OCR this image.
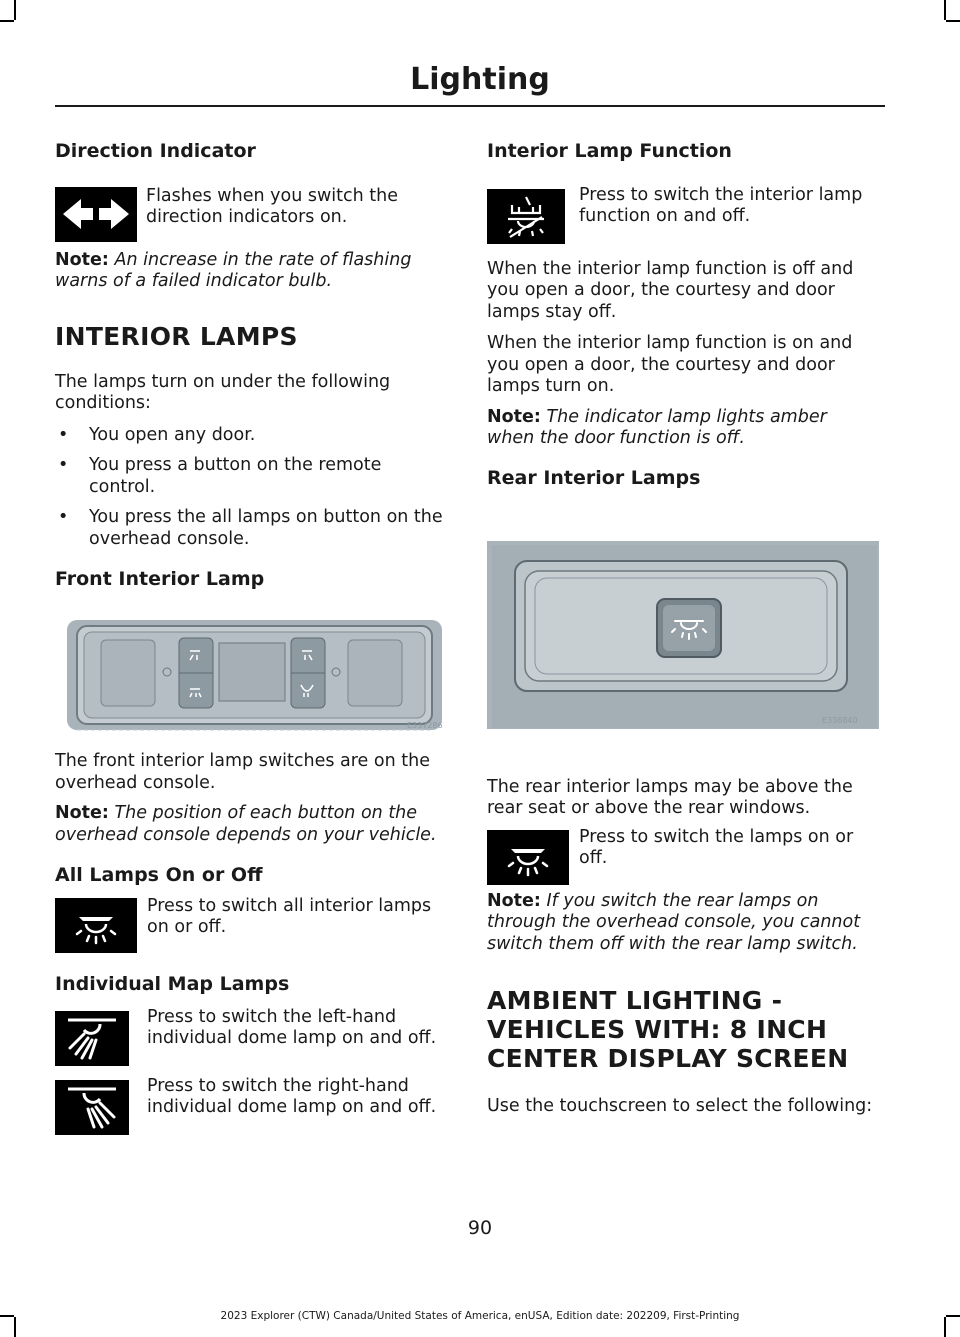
Lighting
Direction Indicator

Flashes when you switch the direction indicators on.

Note: An increase in the rate of flashing warns of a failed indicator bulb.

INTERIOR LAMPS

The lamps turn on under the following conditions:

• You open any door.
• You press a button on the remote control.
• You press the all lamps on button on the overhead console.
Front Interior Lamp
E337286

The front interior lamp switches are on the overhead console.

Note: The position of each button on the overhead console depends on your vehicle.

All Lamps On or Off

Press to switch all interior lamps on or off.

Individual Map Lamps

Press to switch the left-hand individual dome lamp on and off.

Press to switch the right-hand individual dome lamp on and off.

Interior Lamp Function

Press to switch the interior lamp function on and off.

When the interior lamp function is off and you open a door, the courtesy and door lamps stay off.

When the interior lamp function is on and you open a door, the courtesy and door lamps turn on.

Note: The indicator lamp lights amber when the door function is off.

Rear Interior Lamps
E336840

The rear interior lamps may be above the rear seat or above the rear windows.

Press to switch the lamps on or off.

Note: If you switch the rear lamps on through the overhead console, you cannot switch them off with the rear lamp switch.

AMBIENT LIGHTING -
VEHICLES WITH: 8 INCH
CENTER DISPLAY SCREEN

Use the touchscreen to select the following:

90

2023 Explorer (CTW) Canada/United States of America, enUSA, Edition date: 202209, First-Printing
